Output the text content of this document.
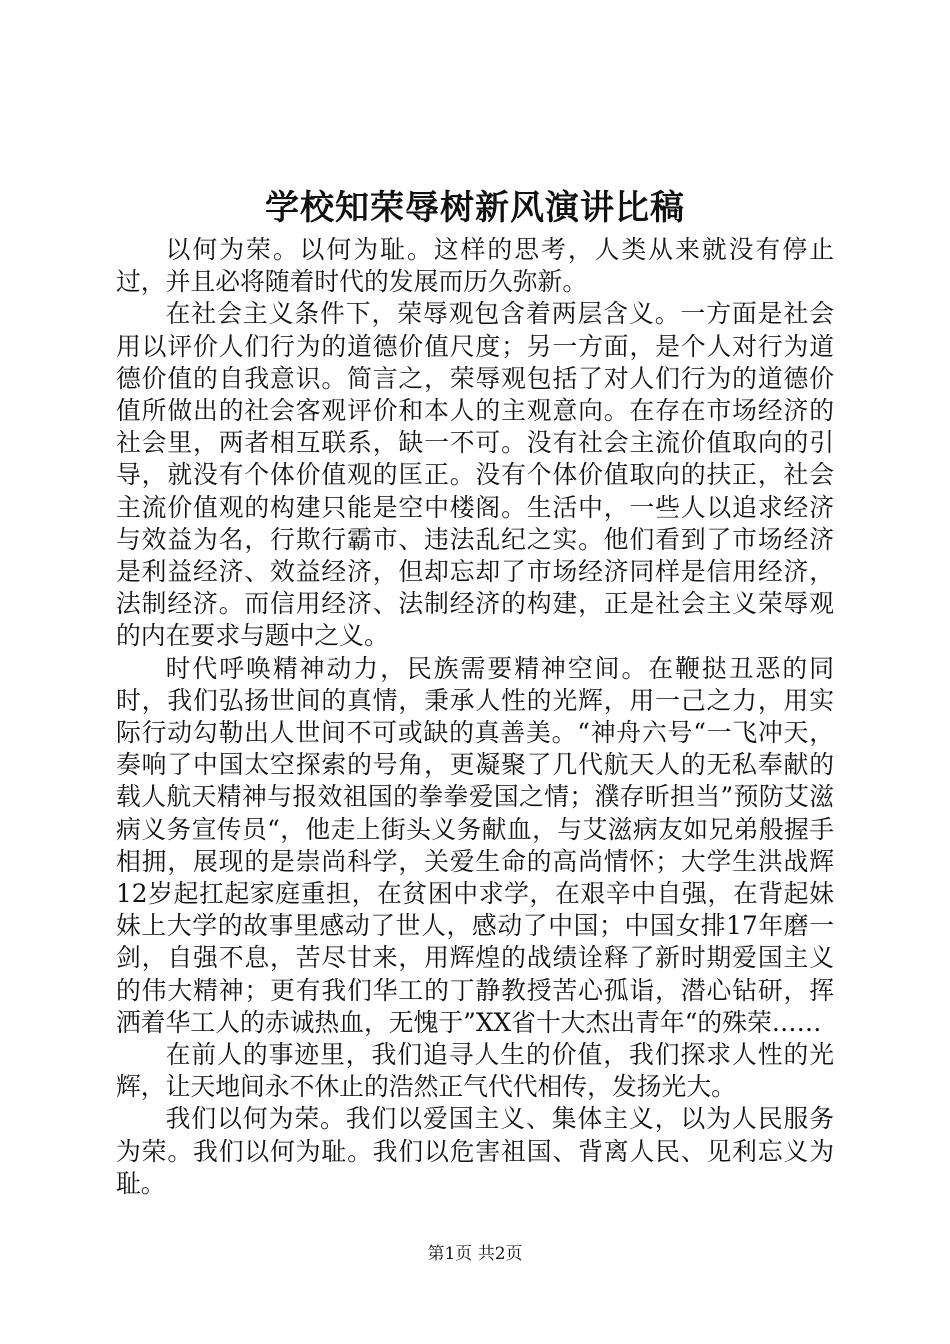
学校知荣辱树新风演讲比稿

以何为荣。以何为耻。这样的思考，人类从来就没有停止过，并且必将随着时代的发展而历久弥新。

在社会主义条件下，荣辱观包含着两层含义。一方面是社会用以评价人们行为的道德价值尺度；另一方面，是个人对行为道德价值的自我意识。简言之，荣辱观包括了对人们行为的道德价值所做出的社会客观评价和本人的主观意向。在存在市场经济的社会里，两者相互联系，缺一不可。没有社会主流价值取向的引导，就没有个体价值观的匡正。没有个体价值取向的扶正，社会主流价值观的构建只能是空中楼阁。生活中，一些人以追求经济与效益为名，行欺行霸市、违法乱纪之实。他们看到了市场经济是利益经济、效益经济，但却忘却了市场经济同样是信用经济，法制经济。而信用经济、法制经济的构建，正是社会主义荣辱观的内在要求与题中之义。

时代呼唤精神动力，民族需要精神空间。在鞭挞丑恶的同时，我们弘扬世间的真情，秉承人性的光辉，用一己之力，用实际行动勾勒出人世间不可或缺的真善美。“神舟六号“一飞冲天，奏响了中国太空探索的号角，更凝聚了几代航天人的无私奉献的载人航天精神与报效祖国的拳拳爱国之情；濮存昕担当”预防艾滋病义务宣传员“，他走上街头义务献血，与艾滋病友如兄弟般握手相拥，展现的是崇尚科学，关爱生命的高尚情怀；大学生洪战辉12岁起扛起家庭重担，在贫困中求学，在艰辛中自强，在背起妹妹上大学的故事里感动了世人，感动了中国；中国女排17年磨一剑，自强不息，苦尽甘来，用辉煌的战绩诠释了新时期爱国主义的伟大精神；更有我们华工的丁静教授苦心孤诣，潜心钻研，挥洒着华工人的赤诚热血，无愧于”XX省十大杰出青年“的殊荣……

在前人的事迹里，我们追寻人生的价值，我们探求人性的光辉，让天地间永不休止的浩然正气代代相传，发扬光大。

我们以何为荣。我们以爱国主义、集体主义，以为人民服务为荣。我们以何为耻。我们以危害祖国、背离人民、见利忘义为耻。

第1页 共2页
